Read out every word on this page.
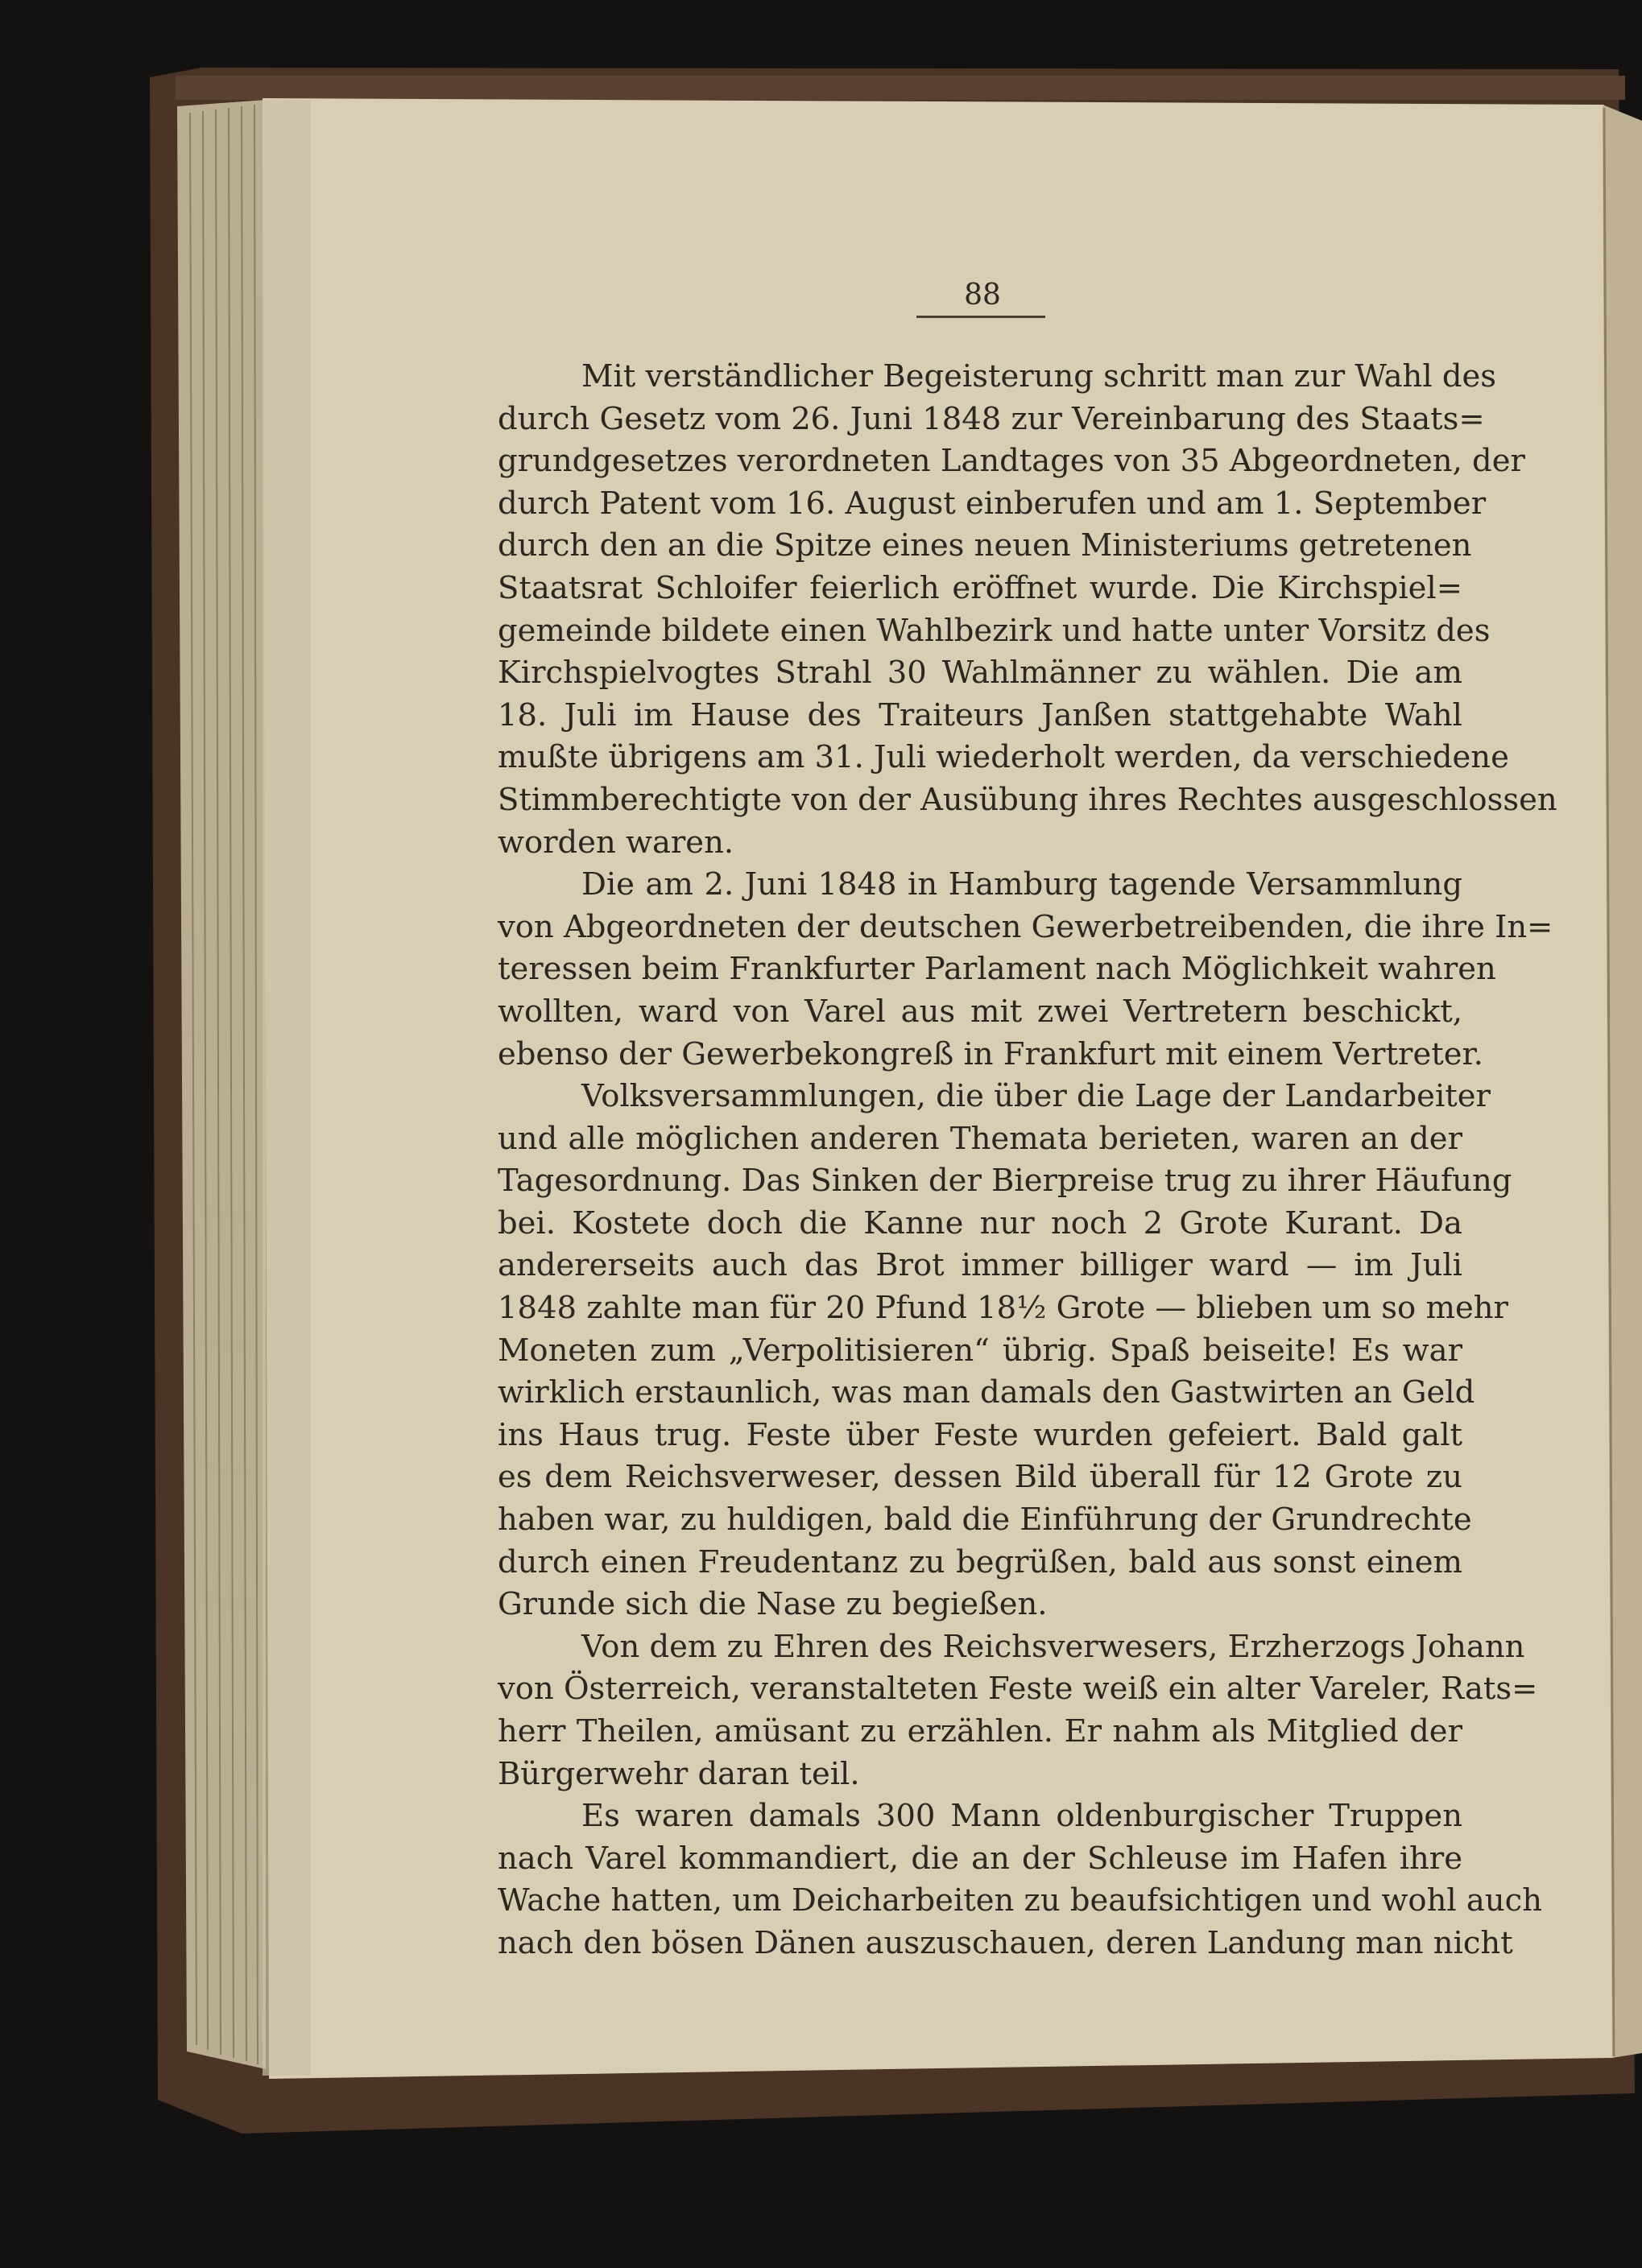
88
Mit verständlicher Begeisterung schritt man zur Wahl des
durch Gesetz vom 26. Juni 1848 zur Vereinbarung des Staats=
grundgesetzes verordneten Landtages von 35 Abgeordneten, der
durch Patent vom 16. August einberufen und am 1. September
durch den an die Spitze eines neuen Ministeriums getretenen
Staatsrat Schloifer feierlich eröffnet wurde. Die Kirchspiel=
gemeinde bildete einen Wahlbezirk und hatte unter Vorsitz des
Kirchspielvogtes Strahl 30 Wahlmänner zu wählen. Die am
18. Juli im Hause des Traiteurs Janßen stattgehabte Wahl
mußte übrigens am 31. Juli wiederholt werden, da verschiedene
Stimmberechtigte von der Ausübung ihres Rechtes ausgeschlossen
worden waren.
Die am 2. Juni 1848 in Hamburg tagende Versammlung
von Abgeordneten der deutschen Gewerbetreibenden, die ihre In=
teressen beim Frankfurter Parlament nach Möglichkeit wahren
wollten, ward von Varel aus mit zwei Vertretern beschickt,
ebenso der Gewerbekongreß in Frankfurt mit einem Vertreter.
Volksversammlungen, die über die Lage der Landarbeiter
und alle möglichen anderen Themata berieten, waren an der
Tagesordnung. Das Sinken der Bierpreise trug zu ihrer Häufung
bei. Kostete doch die Kanne nur noch 2 Grote Kurant. Da
andererseits auch das Brot immer billiger ward — im Juli
1848 zahlte man für 20 Pfund 18½ Grote — blieben um so mehr
Moneten zum „Verpolitisieren“ übrig. Spaß beiseite! Es war
wirklich erstaunlich, was man damals den Gastwirten an Geld
ins Haus trug. Feste über Feste wurden gefeiert. Bald galt
es dem Reichsverweser, dessen Bild überall für 12 Grote zu
haben war, zu huldigen, bald die Einführung der Grundrechte
durch einen Freudentanz zu begrüßen, bald aus sonst einem
Grunde sich die Nase zu begießen.
Von dem zu Ehren des Reichsverwesers, Erzherzogs Johann
von Österreich, veranstalteten Feste weiß ein alter Vareler, Rats=
herr Theilen, amüsant zu erzählen. Er nahm als Mitglied der
Bürgerwehr daran teil.
Es waren damals 300 Mann oldenburgischer Truppen
nach Varel kommandiert, die an der Schleuse im Hafen ihre
Wache hatten, um Deicharbeiten zu beaufsichtigen und wohl auch
nach den bösen Dänen auszuschauen, deren Landung man nicht
